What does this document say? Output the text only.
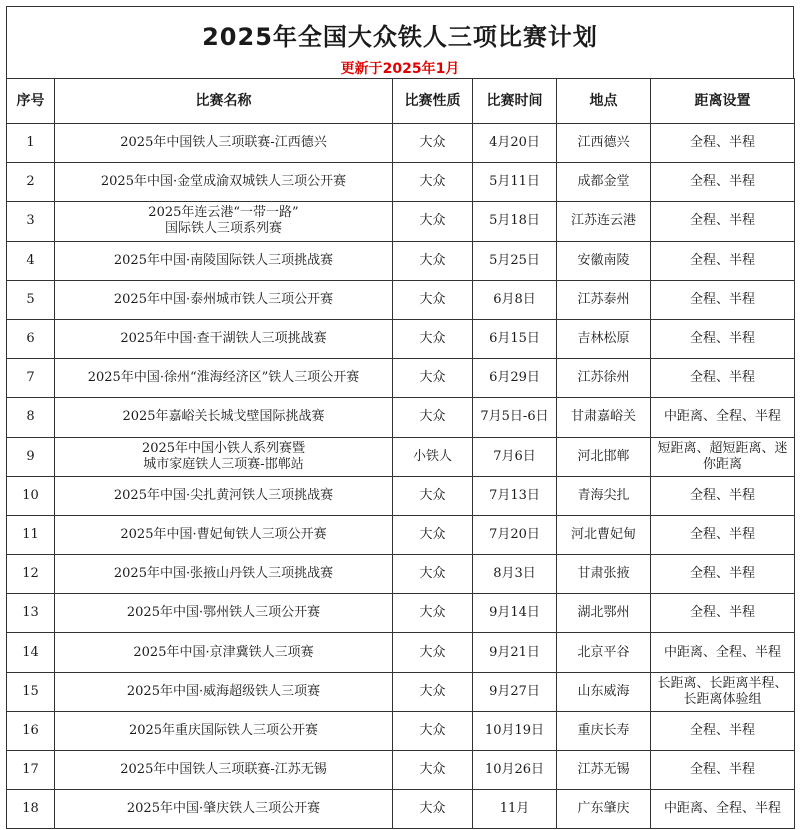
2025年全国大众铁人三项比赛计划
更新于2025年1月
序号	比赛名称	比赛性质	比赛时间	地点	距离设置
1	2025年中国铁人三项联赛-江西德兴	大众	4月20日	江西德兴	全程、半程
2	2025年中国·金堂成渝双城铁人三项公开赛	大众	5月11日	成都金堂	全程、半程
3	2025年连云港“一带一路”
国际铁人三项系列赛	大众	5月18日	江苏连云港	全程、半程
4	2025年中国·南陵国际铁人三项挑战赛	大众	5月25日	安徽南陵	全程、半程
5	2025年中国·泰州城市铁人三项公开赛	大众	6月8日	江苏泰州	全程、半程
6	2025年中国·查干湖铁人三项挑战赛	大众	6月15日	吉林松原	全程、半程
7	2025年中国·徐州“淮海经济区”铁人三项公开赛	大众	6月29日	江苏徐州	全程、半程
8	2025年嘉峪关长城戈壁国际挑战赛	大众	7月5日-6日	甘肃嘉峪关	中距离、全程、半程
9	2025年中国小铁人系列赛暨
城市家庭铁人三项赛-邯郸站	小铁人	7月6日	河北邯郸	短距离、超短距离、迷你距离
10	2025年中国·尖扎黄河铁人三项挑战赛	大众	7月13日	青海尖扎	全程、半程
11	2025年中国·曹妃甸铁人三项公开赛	大众	7月20日	河北曹妃甸	全程、半程
12	2025年中国·张掖山丹铁人三项挑战赛	大众	8月3日	甘肃张掖	全程、半程
13	2025年中国·鄂州铁人三项公开赛	大众	9月14日	湖北鄂州	全程、半程
14	2025年中国·京津冀铁人三项赛	大众	9月21日	北京平谷	中距离、全程、半程
15	2025年中国·威海超级铁人三项赛	大众	9月27日	山东威海	长距离、长距离半程、长距离体验组
16	2025年重庆国际铁人三项公开赛	大众	10月19日	重庆长寿	全程、半程
17	2025年中国铁人三项联赛-江苏无锡	大众	10月26日	江苏无锡	全程、半程
18	2025年中国·肇庆铁人三项公开赛	大众	11月	广东肇庆	中距离、全程、半程
